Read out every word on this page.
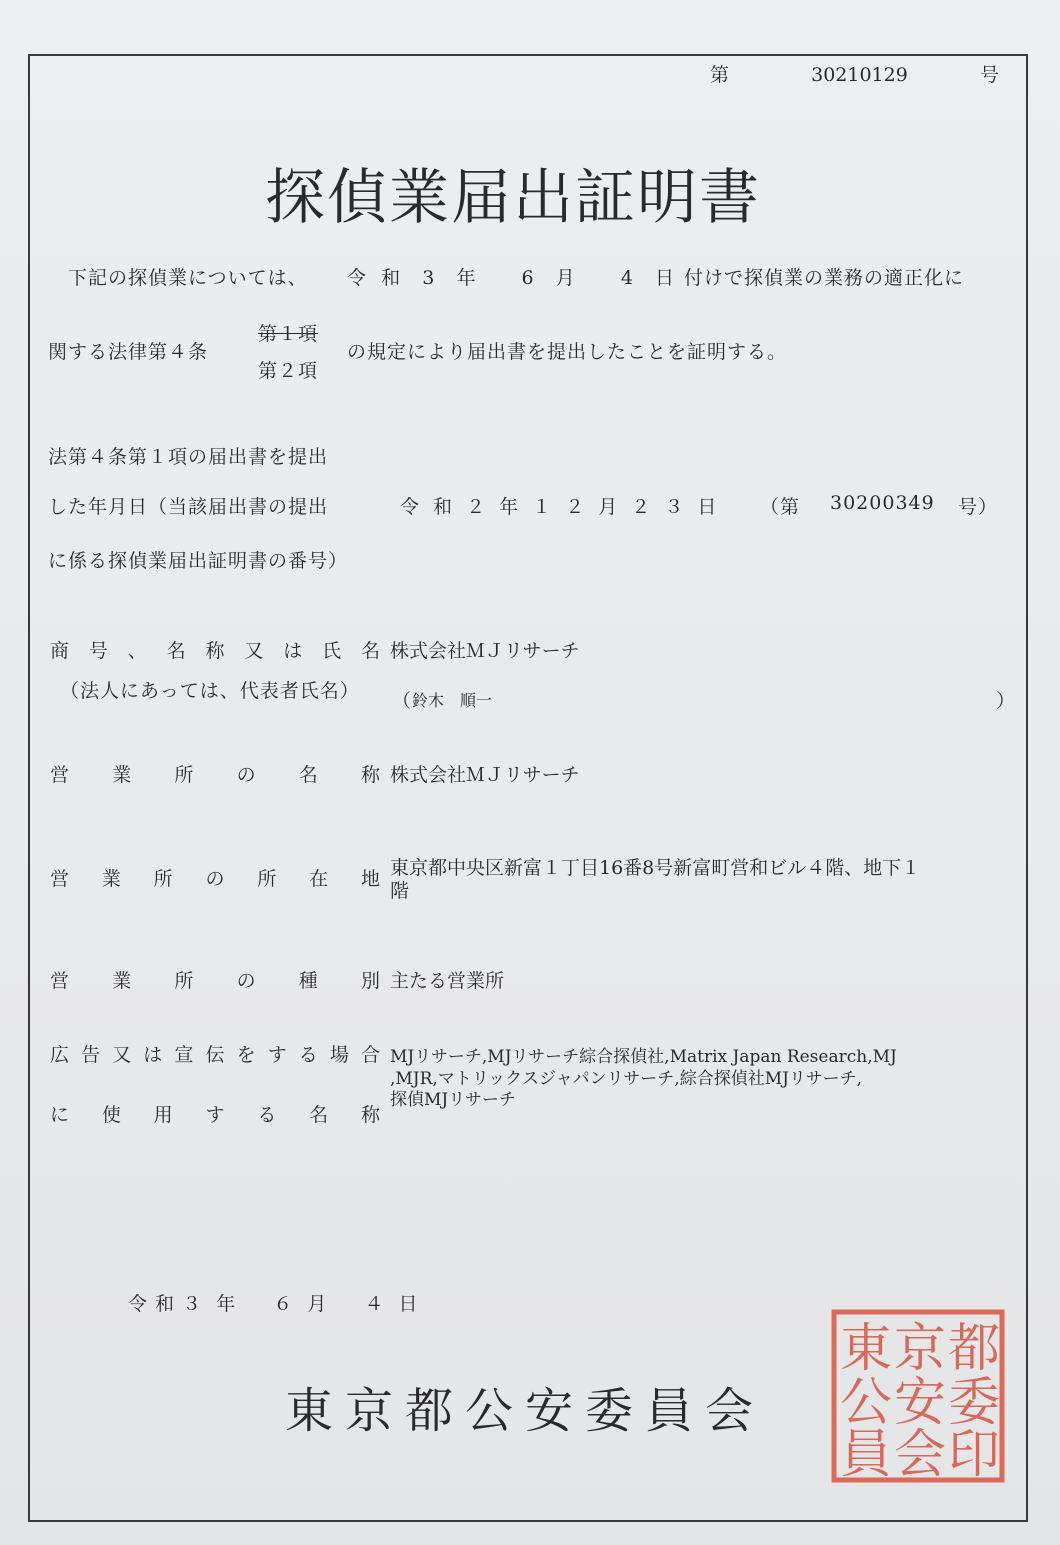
第	30210129	号
探偵業届出証明書
下記の探偵業については、 令 和 3 年 6 月 4 日 付けで探偵業の業務の適正化に
関する法律第４条
第１項
第２項
の規定により届出書を提出したことを証明する。
法第４条第１項の届出書を提出
した年月日（当該届出書の提出
に係る探偵業届出証明書の番号）
令 和 ２ 年 １ ２ 月 ２ ３ 日 （第 30200349 号）
商号、名称又は氏名
（法人にあっては、代表者氏名）
株式会社ＭＪリサーチ
（ 鈴木　順一	）
営業所の名称 株式会社ＭＪリサーチ
営業所の所在地 東京都中央区新富１丁目16番8号新富町営和ビル４階、地下１
階
営業所の種別 主たる営業所
広告又は宣伝をする場合
に使用する名称
MJリサーチ,MJリサーチ綜合探偵社,Matrix Japan Research,MJ
,MJR,マトリックスジャパンリサーチ,綜合探偵社MJリサーチ,
探偵MJリサーチ
令 和 ３ 年 ６ 月 ４ 日
東京都公安委員会
都
委
印
京
安
会
東
公
員
